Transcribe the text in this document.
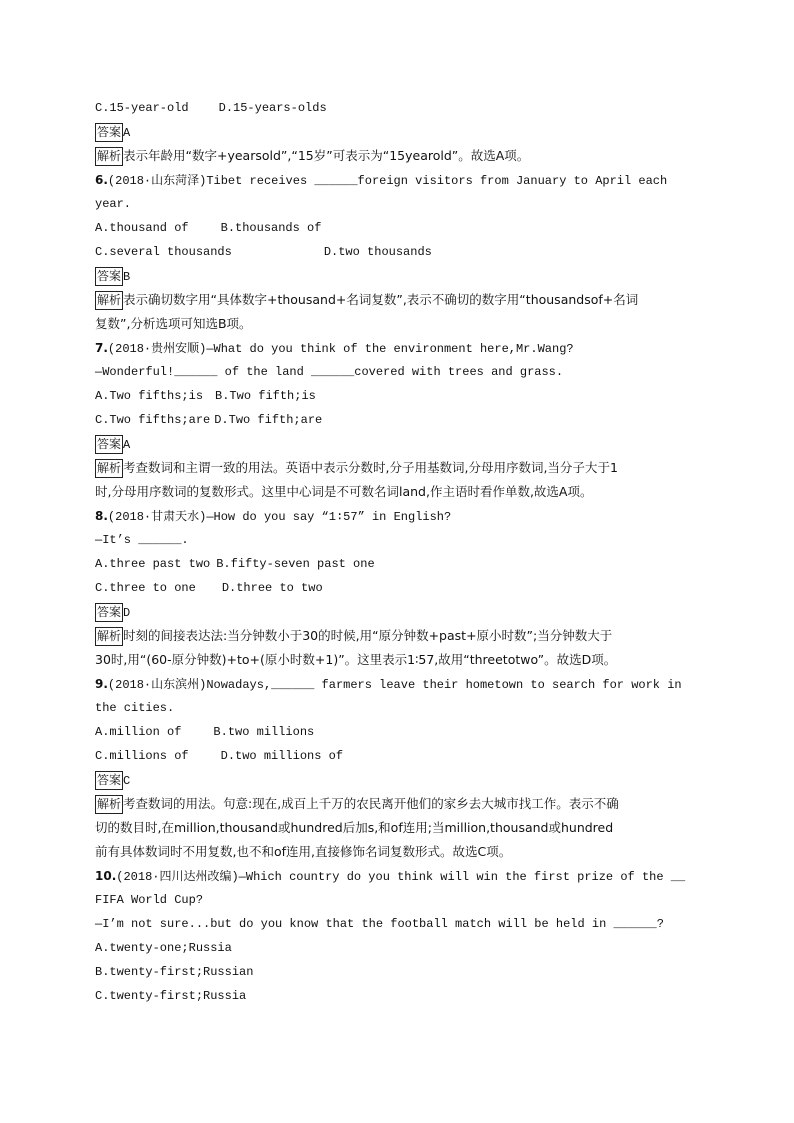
C.15-year-old	D.15-years-olds
答案 A
解析 表示年龄用“数字+yearsold”,“15岁”可表示为“15yearold”。故选A项。
6.(2018·山东菏泽)Tibet receives ______foreign visitors from January to April each
year.
A.thousand of	B.thousands of
C.several thousands	D.two thousands
答案 B
解析 表示确切数字用“具体数字+thousand+名词复数”,表示不确切的数字用“thousandsof+名词
复数”,分析选项可知选B项。
7.(2018·贵州安顺)—What do you think of the environment here,Mr.Wang?
—Wonderful!______ of the land ______covered with trees and grass.
A.Two fifths;is B.Two fifth;is
C.Two fifths;are D.Two fifth;are
答案 A
解析 考查数词和主谓一致的用法。英语中表示分数时,分子用基数词,分母用序数词,当分子大于1
时,分母用序数词的复数形式。这里中心词是不可数名词land,作主语时看作单数,故选A项。
8.(2018·甘肃天水)—How do you say “1∶57” in English?
—It’s ______.
A.three past two B.fifty-seven past one
C.three to one D.three to two
答案 D
解析 时刻的间接表达法:当分钟数小于30的时候,用“原分钟数+past+原小时数”;当分钟数大于
30时,用“(60-原分钟数)+to+(原小时数+1)”。这里表示1∶57,故用“threetotwo”。故选D项。
9.(2018·山东滨州)Nowadays,______ farmers leave their hometown to search for work in
the cities.
A.million of	B.two millions
C.millions of	D.two millions of
答案 C
解析 考查数词的用法。句意:现在,成百上千万的农民离开他们的家乡去大城市找工作。表示不确
切的数目时,在million,thousand或hundred后加s,和of连用;当million,thousand或hundred
前有具体数词时不用复数,也不和of连用,直接修饰名词复数形式。故选C项。
10.(2018·四川达州改编)—Which country do you think will win the first prize of the __
FIFA World Cup?
—I’m not sure...but do you know that the football match will be held in ______?
A.twenty-one;Russia
B.twenty-first;Russian
C.twenty-first;Russia
